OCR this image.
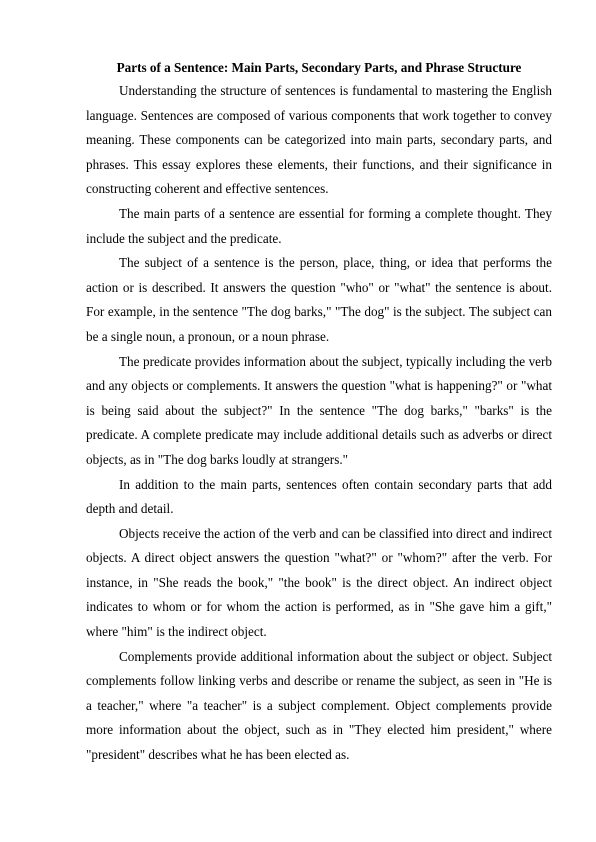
Parts of a Sentence: Main Parts, Secondary Parts, and Phrase Structure

Understanding the structure of sentences is fundamental to mastering the English language. Sentences are composed of various components that work together to convey meaning. These components can be categorized into main parts, secondary parts, and phrases. This essay explores these elements, their functions, and their significance in constructing coherent and effective sentences.

The main parts of a sentence are essential for forming a complete thought. They include the subject and the predicate.

The subject of a sentence is the person, place, thing, or idea that performs the action or is described. It answers the question "who" or "what" the sentence is about. For example, in the sentence "The dog barks," "The dog" is the subject. The subject can be a single noun, a pronoun, or a noun phrase.

The predicate provides information about the subject, typically including the verb and any objects or complements. It answers the question "what is happening?" or "what is being said about the subject?" In the sentence "The dog barks," "barks" is the predicate. A complete predicate may include additional details such as adverbs or direct objects, as in "The dog barks loudly at strangers."

In addition to the main parts, sentences often contain secondary parts that add depth and detail.

Objects receive the action of the verb and can be classified into direct and indirect objects. A direct object answers the question "what?" or "whom?" after the verb. For instance, in "She reads the book," "the book" is the direct object. An indirect object indicates to whom or for whom the action is performed, as in "She gave him a gift," where "him" is the indirect object.

Complements provide additional information about the subject or object. Subject complements follow linking verbs and describe or rename the subject, as seen in "He is a teacher," where "a teacher" is a subject complement. Object complements provide more information about the object, such as in "They elected him president," where "president" describes what he has been elected as.
